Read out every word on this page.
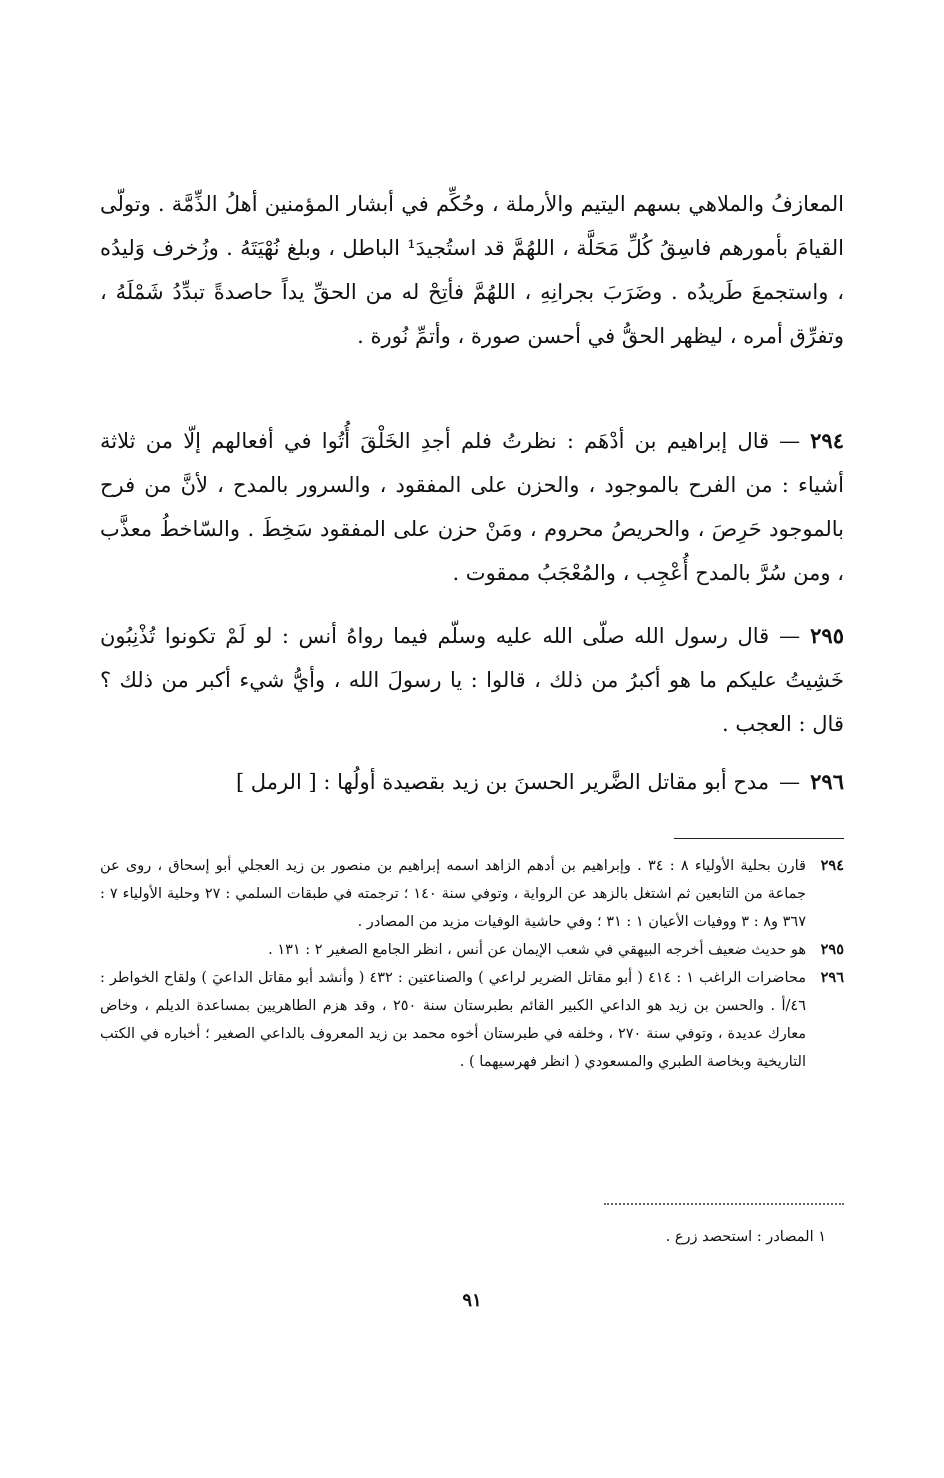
المعازفُ والملاهي بسهم اليتيم والأرملة ، وحُكِّم في أبشار المؤمنين أهلُ الذِّمَّة . وتولّى القيامَ بأمورهم فاسِقُ كُلِّ مَحَلَّة ، اللهُمَّ قد استُجيدَ¹ الباطل ، وبلغ نُهْيَتَهُ . وزُخرف وَليدُه ، واستجمعَ طَريدُه . وضَرَبَ بجرانِهِ ، اللهُمَّ فأتِحْ له من الحقِّ يداً حاصدةً تبدِّدُ شَمْلَهُ ، وتفرِّق أمره ، ليظهر الحقُّ في أحسن صورة ، وأتمِّ نُورة .

٢٩٤—قال إبراهيم بن أدْهَم : نظرتُ فلم أجدِ الخَلْقَ أُتُوا في أفعالهم إلّا من ثلاثة أشياء : من الفرح بالموجود ، والحزن على المفقود ، والسرور بالمدح ، لأنَّ من فرح بالموجود حَرِصَ ، والحريصُ محروم ، ومَنْ حزن على المفقود سَخِطَ . والسّاخطُ معذَّب ، ومن سُرَّ بالمدح أُعْجِب ، والمُعْجَبُ ممقوت .

٢٩٥—قال رسول الله صلّى الله عليه وسلّم فيما رواهُ أنس : لو لَمْ تكونوا تُذْنِبُون خَشِيتُ عليكم ما هو أكبرُ من ذلك ، قالوا : يا رسولَ الله ، وأيُّ شيء أكبر من ذلك ؟ قال : العجب .

٢٩٦—مدح أبو مقاتل الضَّرير الحسنَ بن زيد بقصيدة أولُها : [ الرمل ]

٢٩٤
قارن بحلية الأولياء ٨ : ٣٤ . وإبراهيم بن أدهم الزاهد اسمه إبراهيم بن منصور بن زيد العجلي أبو إسحاق ، روى عن جماعة من التابعين ثم اشتغل بالزهد عن الرواية ، وتوفي سنة ١٤٠ ؛ ترجمته في طبقات السلمي : ٢٧ وحلية الأولياء ٧ : ٣٦٧ و٨ : ٣ ووفيات الأعيان ١ : ٣١ ؛ وفي حاشية الوفيات مزيد من المصادر .

٢٩٥
هو حديث ضعيف أخرجه البيهقي في شعب الإيمان عن أنس ، انظر الجامع الصغير ٢ : ١٣١ .

٢٩٦
محاضرات الراغب ١ : ٤١٤ ( أبو مقاتل الضرير لراعي ) والصناعتين : ٤٣٢ ( وأنشد أبو مقاتل الداعيَ ) ولقاح الخواطر : ٤٦/أ . والحسن بن زيد هو الداعي الكبير القائم بطبرستان سنة ٢٥٠ ، وقد هزم الطاهريين بمساعدة الديلم ، وخاض معارك عديدة ، وتوفي سنة ٢٧٠ ، وخلفه في طبرستان أخوه محمد بن زيد المعروف بالداعي الصغير ؛ أخباره في الكتب التاريخية وبخاصة الطبري والمسعودي ( انظر فهرسيهما ) .

١ المصادر : استحصد زرع .
٩١
